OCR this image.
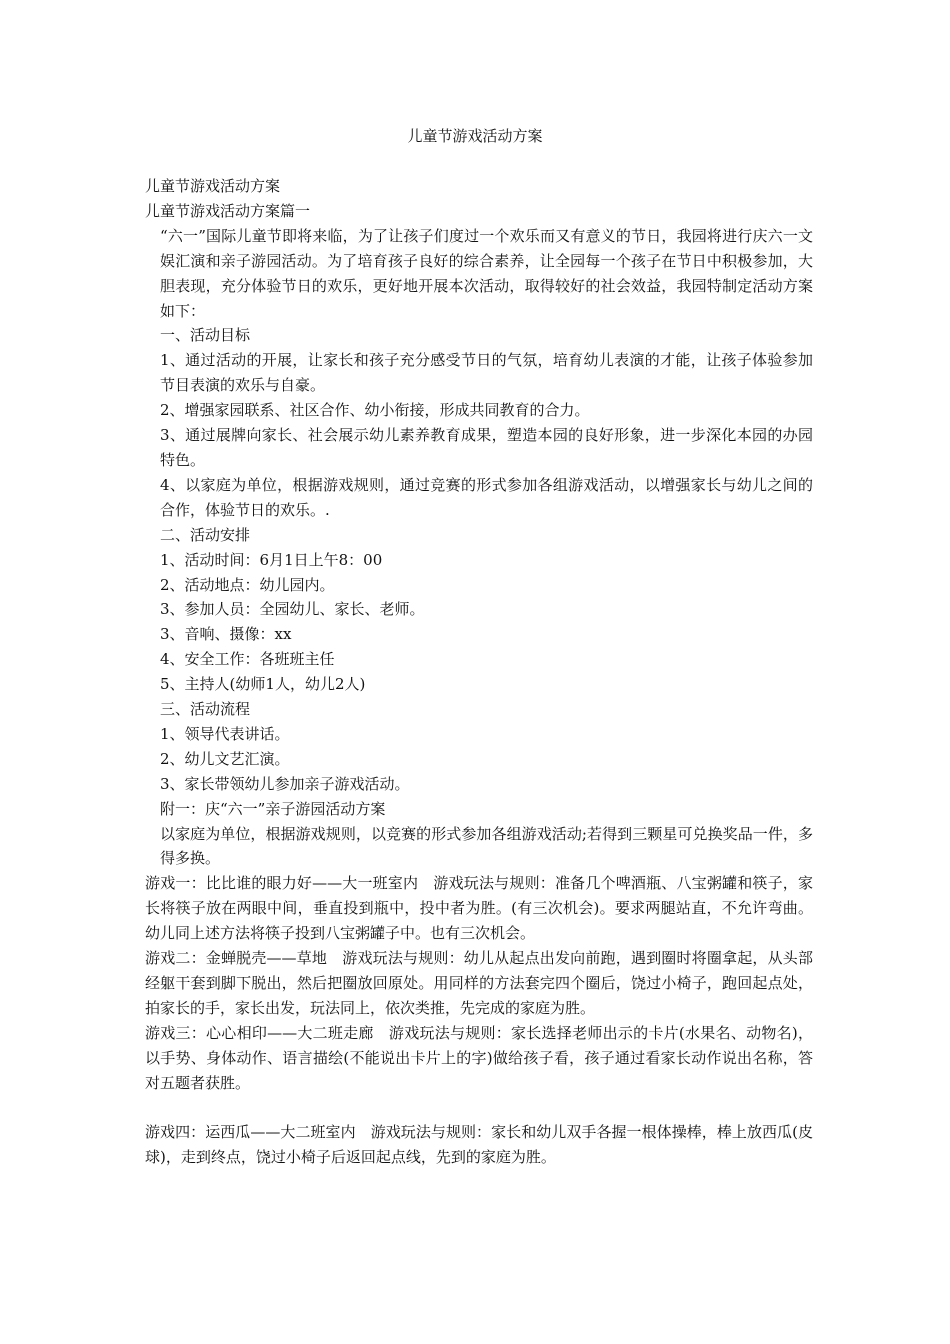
儿童节游戏活动方案

儿童节游戏活动方案

儿童节游戏活动方案篇一

“六一”国际儿童节即将来临，为了让孩子们度过一个欢乐而又有意义的节日，我园将进行庆六一文娱汇演和亲子游园活动。为了培育孩子良好的综合素养，让全园每一个孩子在节日中积极参加，大胆表现，充分体验节日的欢乐，更好地开展本次活动，取得较好的社会效益，我园特制定活动方案如下：

一、活动目标

1、通过活动的开展，让家长和孩子充分感受节日的气氛，培育幼儿表演的才能，让孩子体验参加节目表演的欢乐与自豪。

2、增强家园联系、社区合作、幼小衔接，形成共同教育的合力。

3、通过展牌向家长、社会展示幼儿素养教育成果，塑造本园的良好形象，进一步深化本园的办园特色。

4、以家庭为单位，根据游戏规则，通过竞赛的形式参加各组游戏活动，以增强家长与幼儿之间的合作，体验节日的欢乐。.

二、活动安排

1、活动时间：6月1日上午8：00

2、活动地点：幼儿园内。

3、参加人员：全园幼儿、家长、老师。

3、音响、摄像：xx

4、安全工作：各班班主任

5、主持人(幼师1人，幼儿2人)

三、活动流程

1、领导代表讲话。

2、幼儿文艺汇演。

3、家长带领幼儿参加亲子游戏活动。

附一：庆“六一”亲子游园活动方案

以家庭为单位，根据游戏规则，以竞赛的形式参加各组游戏活动;若得到三颗星可兑换奖品一件，多得多换。

游戏一：比比谁的眼力好——大一班室内　游戏玩法与规则：准备几个啤酒瓶、八宝粥罐和筷子，家长将筷子放在两眼中间，垂直投到瓶中，投中者为胜。(有三次机会)。要求两腿站直，不允许弯曲。幼儿同上述方法将筷子投到八宝粥罐子中。也有三次机会。

游戏二：金蝉脱壳——草地　游戏玩法与规则：幼儿从起点出发向前跑，遇到圈时将圈拿起，从头部经躯干套到脚下脱出，然后把圈放回原处。用同样的方法套完四个圈后，饶过小椅子，跑回起点处，拍家长的手，家长出发，玩法同上，依次类推，先完成的家庭为胜。

游戏三：心心相印——大二班走廊　游戏玩法与规则：家长选择老师出示的卡片(水果名、动物名)，以手势、身体动作、语言描绘(不能说出卡片上的字)做给孩子看，孩子通过看家长动作说出名称，答对五题者获胜。

游戏四：运西瓜——大二班室内　游戏玩法与规则：家长和幼儿双手各握一根体操棒，棒上放西瓜(皮球)，走到终点，饶过小椅子后返回起点线，先到的家庭为胜。
